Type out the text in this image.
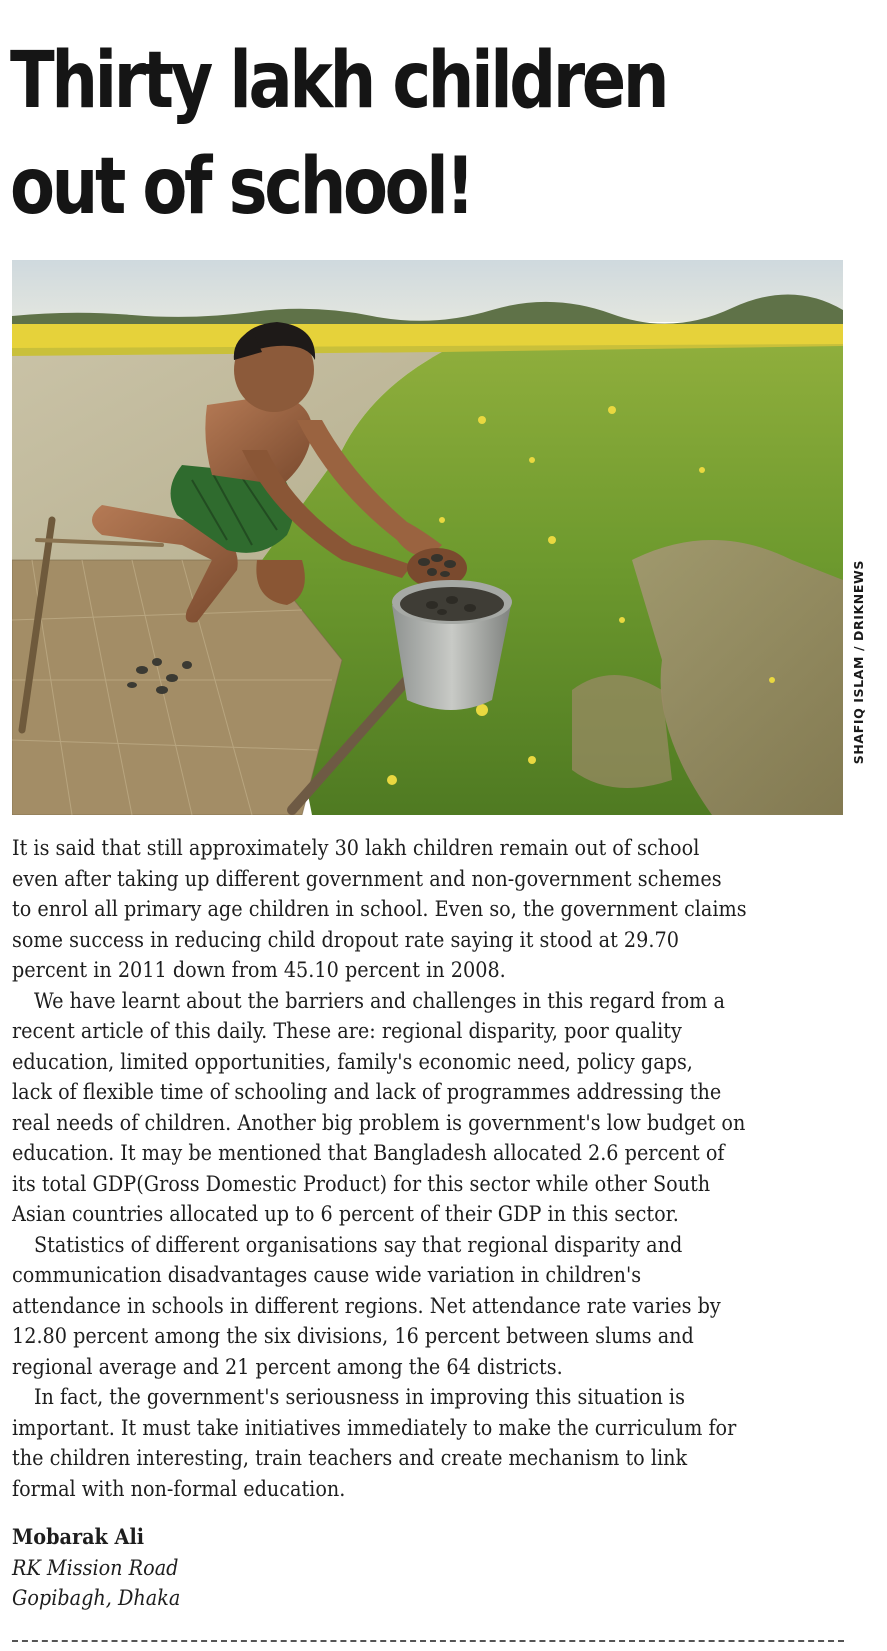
Thirty lakh children
out of school!
SHAFIQ ISLAM / DRIKNEWS

It is said that still approximately 30 lakh children remain out of school

even after taking up different government and non-government schemes

to enrol all primary age children in school. Even so, the government claims

some success in reducing child dropout rate saying it stood at 29.70

percent in 2011 down from 45.10 percent in 2008.

We have learnt about the barriers and challenges in this regard from a

recent article of this daily. These are: regional disparity, poor quality

education, limited opportunities, family's economic need, policy gaps,

lack of flexible time of schooling and lack of programmes addressing the

real needs of children. Another big problem is government's low budget on

education. It may be mentioned that Bangladesh allocated 2.6 percent of

its total GDP(Gross Domestic Product) for this sector while other South

Asian countries allocated up to 6 percent of their GDP in this sector.

Statistics of different organisations say that regional disparity and

communication disadvantages cause wide variation in children's

attendance in schools in different regions. Net attendance rate varies by

12.80 percent among the six divisions, 16 percent between slums and

regional average and 21 percent among the 64 districts.

In fact, the government's seriousness in improving this situation is

important. It must take initiatives immediately to make the curriculum for

the children interesting, train teachers and create mechanism to link

formal with non-formal education.

Mobarak Ali
RK Mission Road
Gopibagh, Dhaka
